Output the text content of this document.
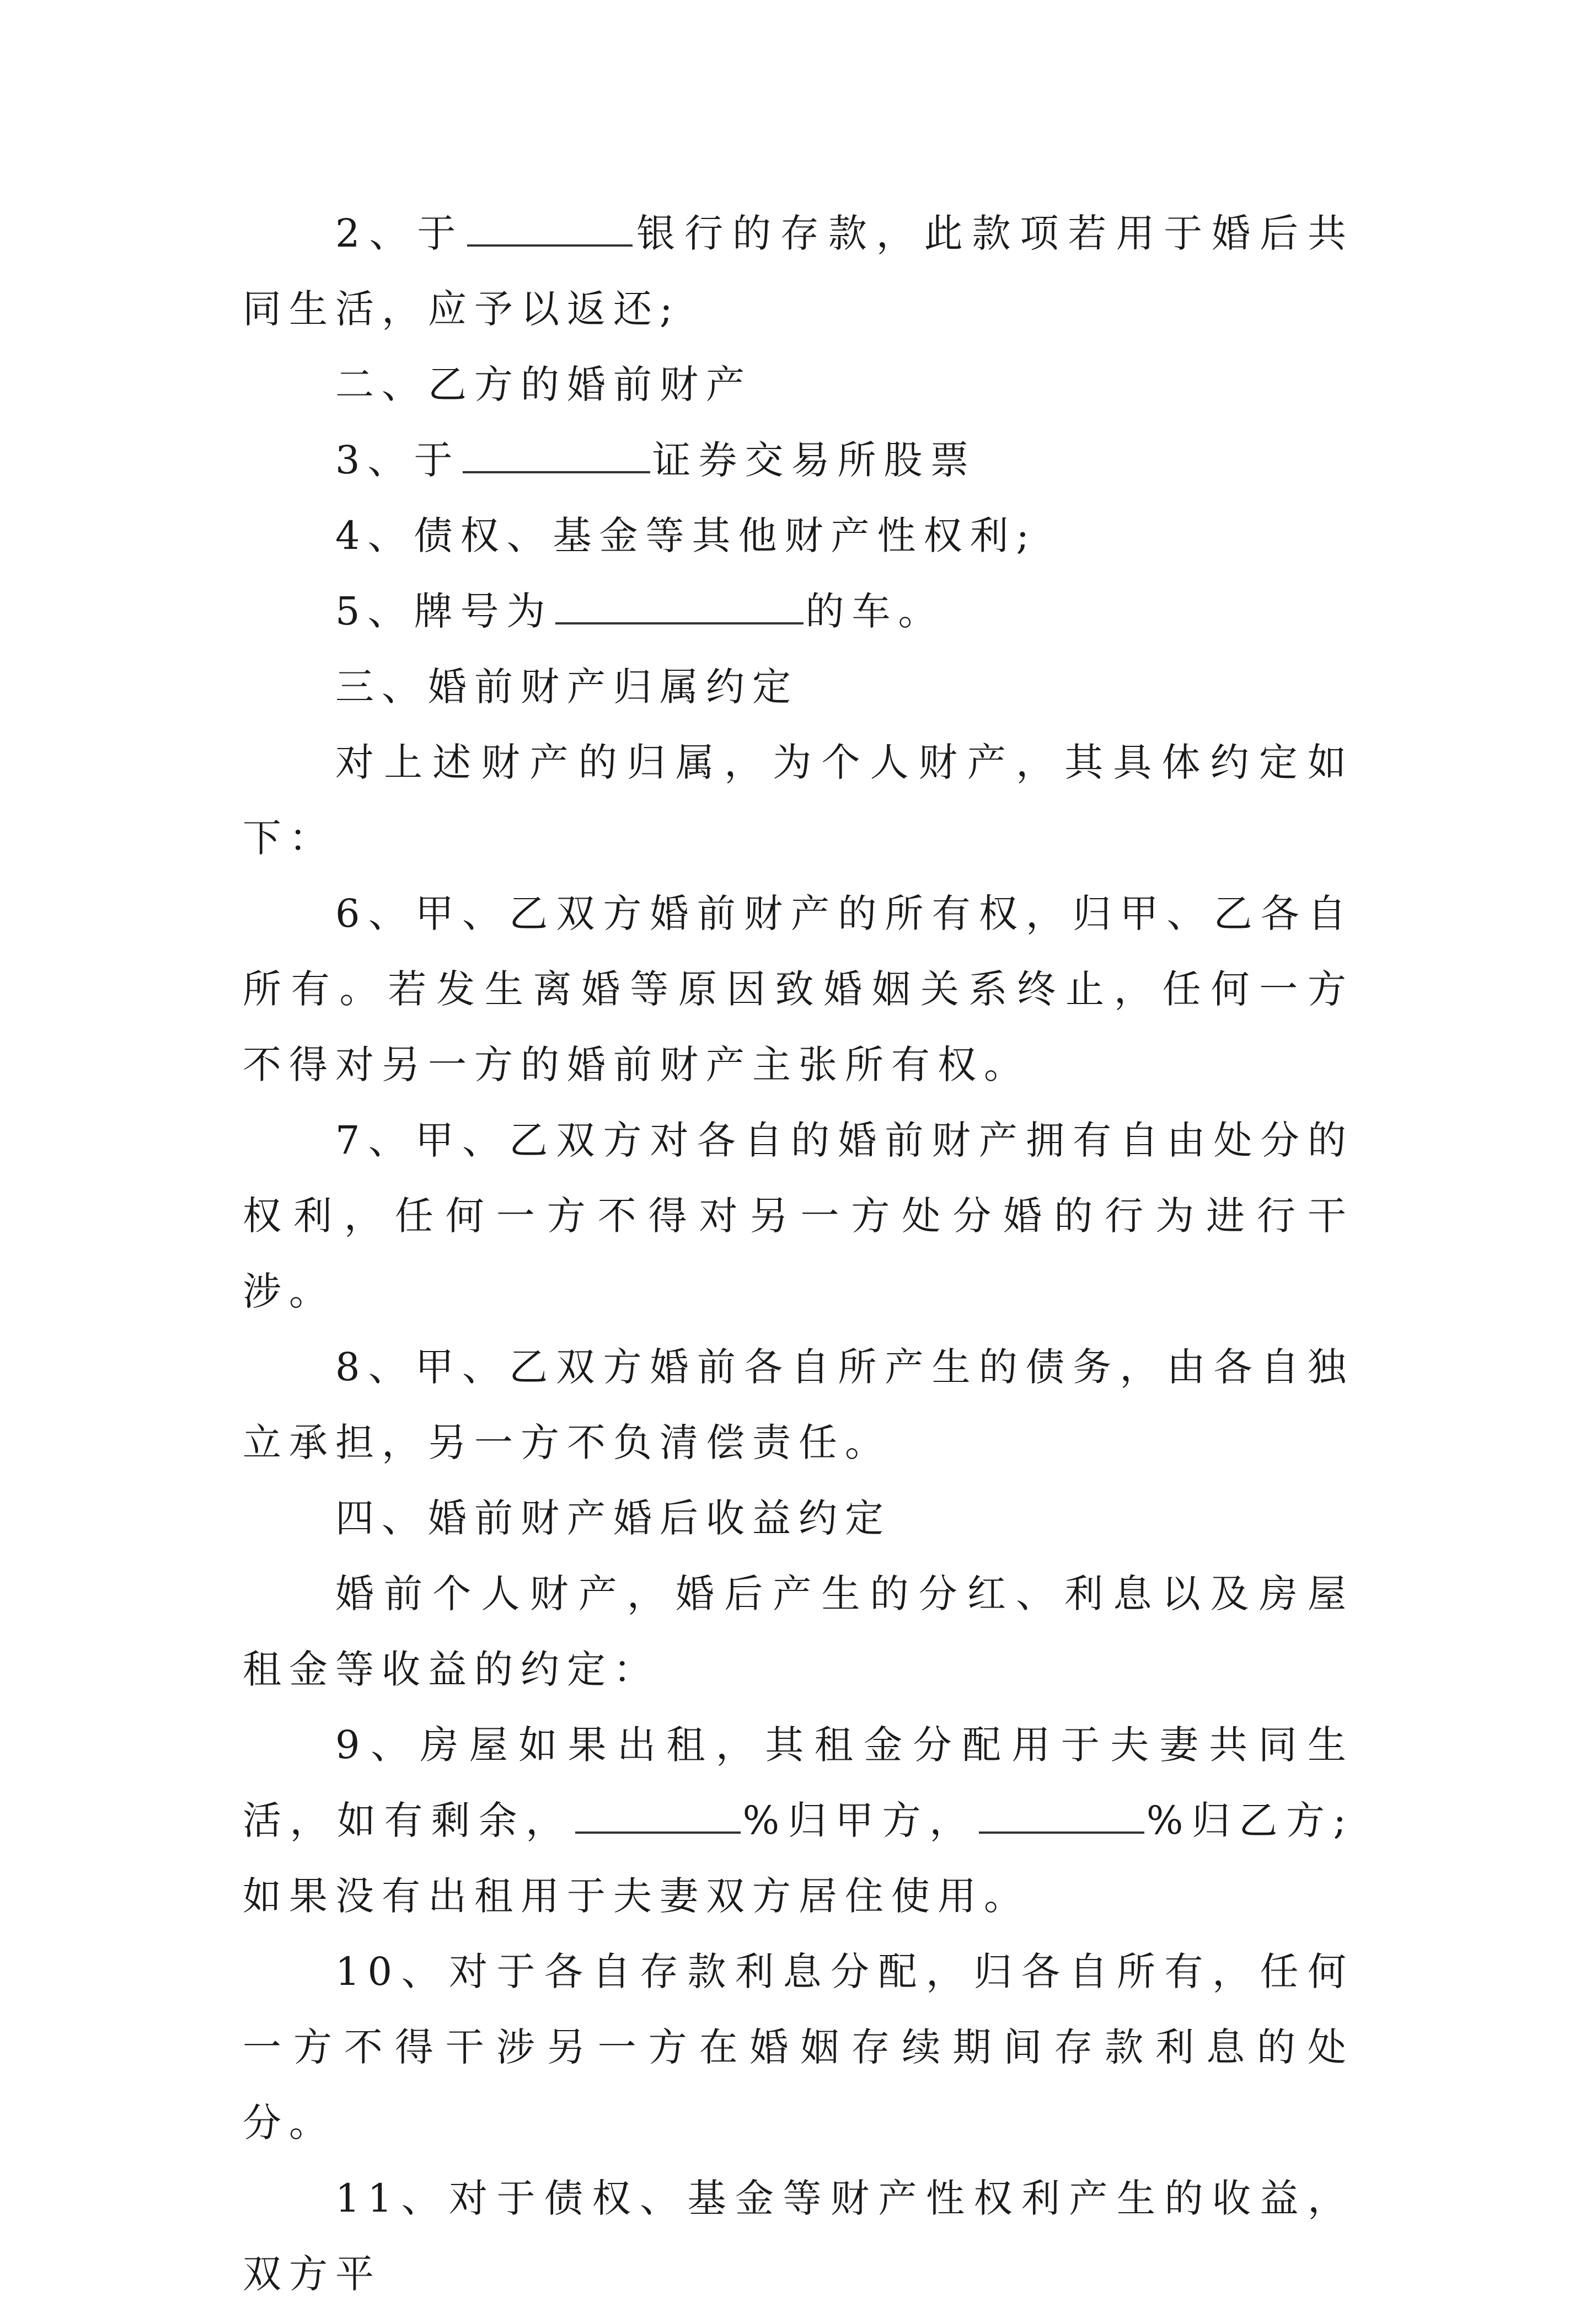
2、于	银行的存款，此款项若用于婚后共同生活，应予以返还;

二、乙方的婚前财产

3、于	证券交易所股票

4、债权、基金等其他财产性权利;

5、牌号为	的车。

三、婚前财产归属约定

对上述财产的归属，为个人财产，其具体约定如下：

6、甲、乙双方婚前财产的所有权，归甲、乙各自所有。若发生离婚等原因致婚姻关系终止，任何一方不得对另一方的婚前财产主张所有权。

7、甲、乙双方对各自的婚前财产拥有自由处分的权利，任何一方不得对另一方处分婚的行为进行干涉。

8、甲、乙双方婚前各自所产生的债务，由各自独立承担，另一方不负清偿责任。

四、婚前财产婚后收益约定

婚前个人财产，婚后产生的分红、利息以及房屋租金等收益的约定：

9、房屋如果出租，其租金分配用于夫妻共同生活，如有剩余，	%归甲方，	%归乙方;如果没有出租用于夫妻双方居住使用。

10、对于各自存款利息分配，归各自所有，任何一方不得干涉另一方在婚姻存续期间存款利息的处分。

11、对于债权、基金等财产性权利产生的收益，双方平
